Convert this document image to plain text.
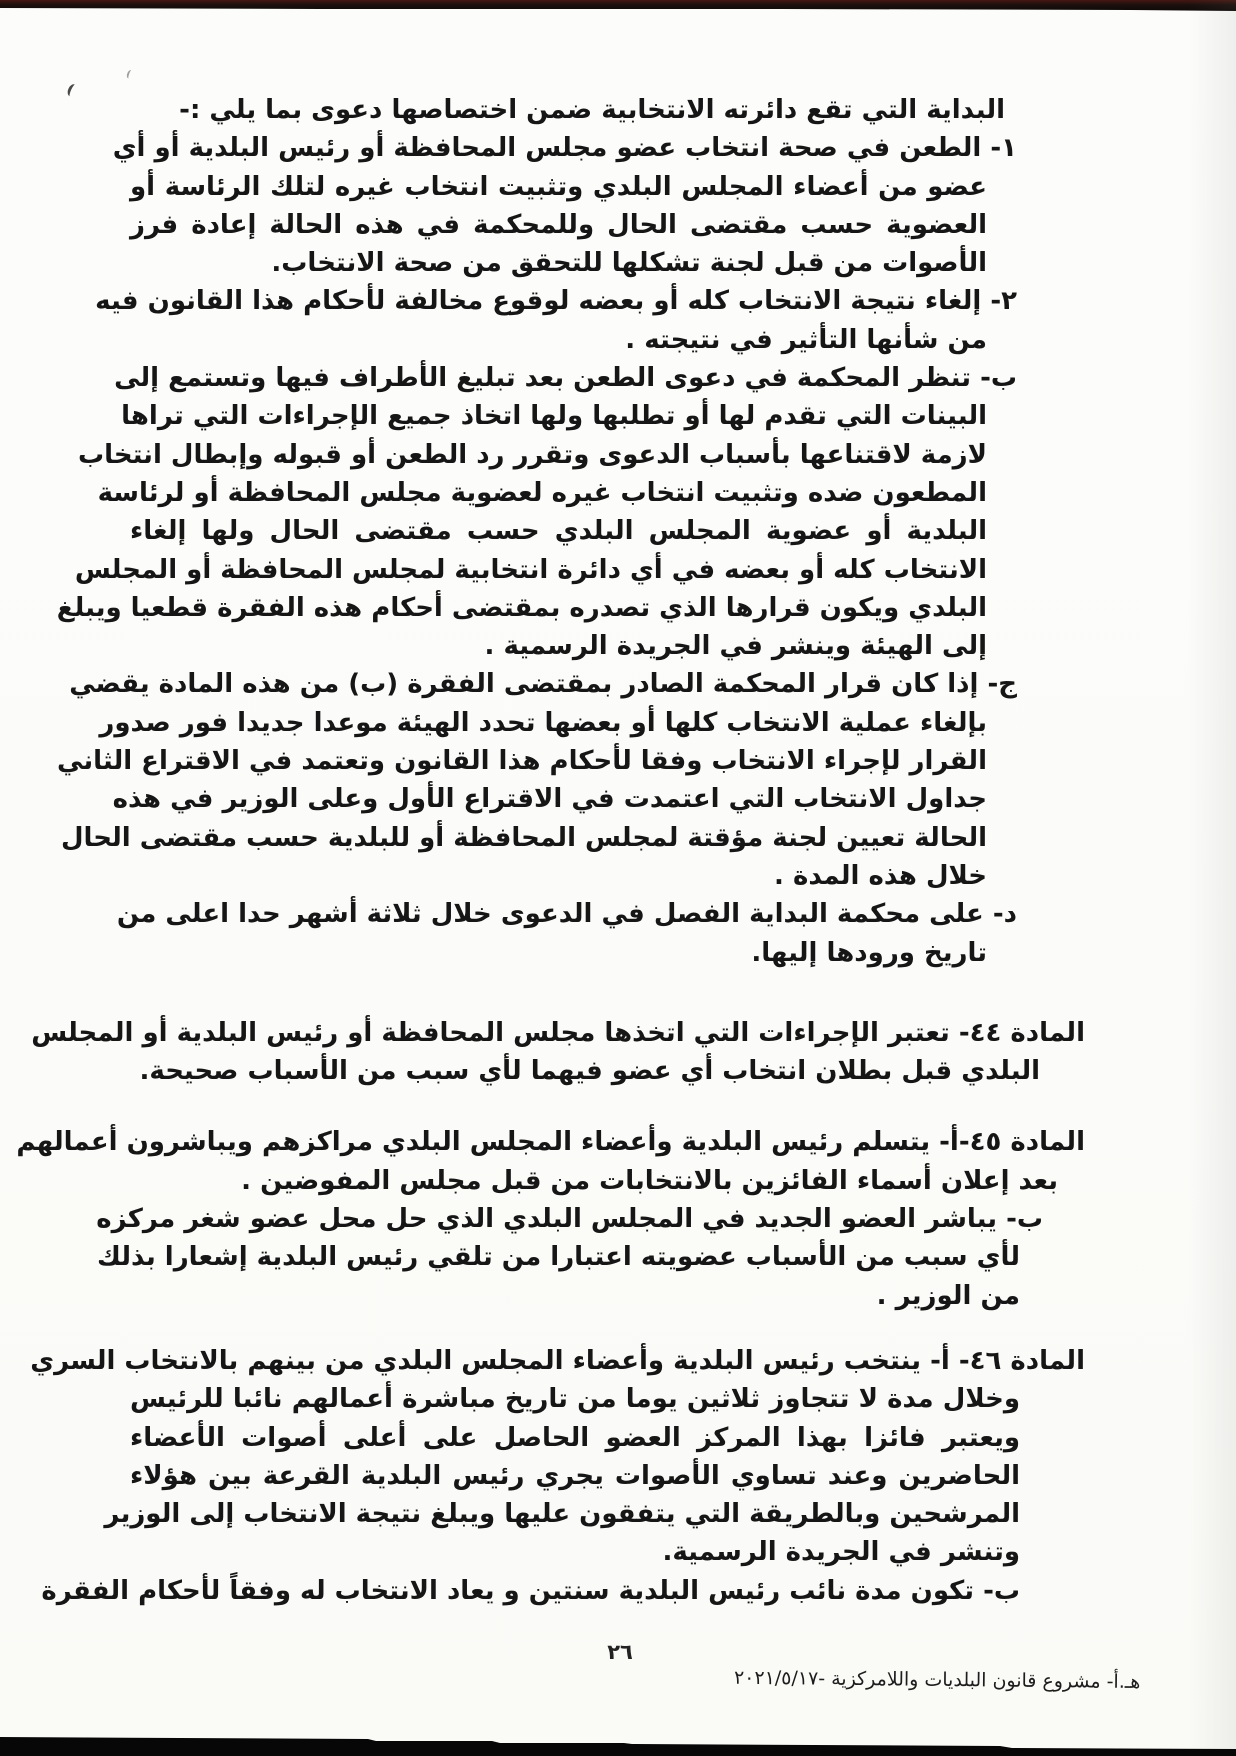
البداية التي تقع دائرته الانتخابية ضمن اختصاصها دعوى بما يلي :-
١- الطعن في صحة انتخاب عضو مجلس المحافظة أو رئيس البلدية أو أي
عضو من أعضاء المجلس البلدي وتثبيت انتخاب غيره لتلك الرئاسة أو
العضوية حسب مقتضى الحال وللمحكمة في هذه الحالة إعادة فرز
الأصوات من قبل لجنة تشكلها للتحقق من صحة الانتخاب.
٢- إلغاء نتيجة الانتخاب كله أو بعضه لوقوع مخالفة لأحكام هذا القانون فيه
من شأنها التأثير في نتيجته .
ب- تنظر المحكمة في دعوى الطعن بعد تبليغ الأطراف فيها وتستمع إلى
البينات التي تقدم لها أو تطلبها ولها اتخاذ جميع الإجراءات التي تراها
لازمة لاقتناعها بأسباب الدعوى وتقرر رد الطعن أو قبوله وإبطال انتخاب
المطعون ضده وتثبيت انتخاب غيره لعضوية مجلس المحافظة أو لرئاسة
البلدية أو عضوية المجلس البلدي حسب مقتضى الحال ولها إلغاء
الانتخاب كله أو بعضه في أي دائرة انتخابية لمجلس المحافظة أو المجلس
البلدي ويكون قرارها الذي تصدره بمقتضى أحكام هذه الفقرة قطعيا ويبلغ
إلى الهيئة وينشر في الجريدة الرسمية .
ج- إذا كان قرار المحكمة الصادر بمقتضى الفقرة (ب) من هذه المادة يقضي
بإلغاء عملية الانتخاب كلها أو بعضها تحدد الهيئة موعدا جديدا فور صدور
القرار لإجراء الانتخاب وفقا لأحكام هذا القانون وتعتمد في الاقتراع الثاني
جداول الانتخاب التي اعتمدت في الاقتراع الأول وعلى الوزير في هذه
الحالة تعيين لجنة مؤقتة لمجلس المحافظة أو للبلدية حسب مقتضى الحال
خلال هذه المدة .
د- على محكمة البداية الفصل في الدعوى خلال ثلاثة أشهر حدا اعلى من
تاريخ ورودها إليها.
المادة ٤٤- تعتبر الإجراءات التي اتخذها مجلس المحافظة أو رئيس البلدية أو المجلس
البلدي قبل بطلان انتخاب أي عضو فيهما لأي سبب من الأسباب صحيحة.
المادة ٤٥-أ- يتسلم رئيس البلدية وأعضاء المجلس البلدي مراكزهم ويباشرون أعمالهم
بعد إعلان أسماء الفائزين بالانتخابات من قبل مجلس المفوضين .
ب- يباشر العضو الجديد في المجلس البلدي الذي حل محل عضو شغر مركزه
لأي سبب من الأسباب عضويته اعتبارا من تلقي رئيس البلدية إشعارا بذلك
من الوزير .
المادة ٤٦- أ- ينتخب رئيس البلدية وأعضاء المجلس البلدي من بينهم بالانتخاب السري
وخلال مدة لا تتجاوز ثلاثين يوما من تاريخ مباشرة أعمالهم نائبا للرئيس
ويعتبر فائزا بهذا المركز العضو الحاصل على أعلى أصوات الأعضاء
الحاضرين وعند تساوي الأصوات يجري رئيس البلدية القرعة بين هؤلاء
المرشحين وبالطريقة التي يتفقون عليها ويبلغ نتيجة الانتخاب إلى الوزير
وتنشر في الجريدة الرسمية.
ب- تكون مدة نائب رئيس البلدية سنتين و يعاد الانتخاب له وفقاً لأحكام الفقرة
٢٦
هـ.أ- مشروع قانون البلديات واللامركزية -٢٠٢١/٥/١٧
